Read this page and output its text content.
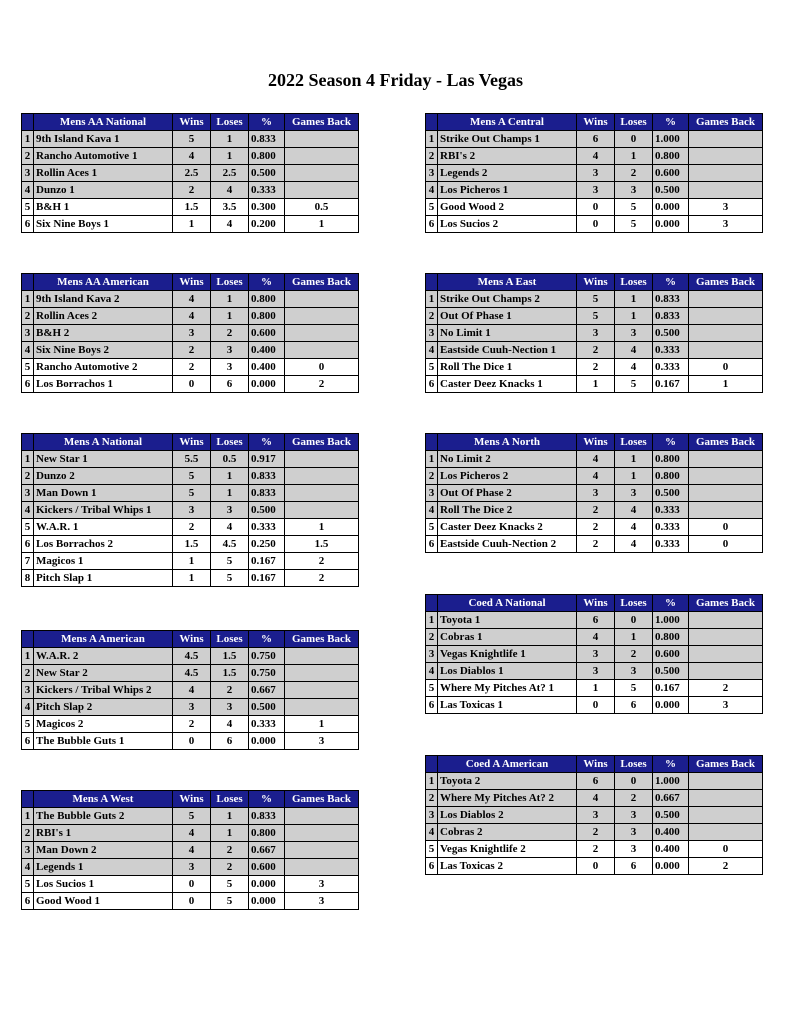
2022 Season 4 Friday - Las Vegas
	Mens AA National	Wins	Loses	%	Games Back
1	9th Island Kava 1	5	1	0.833	
2	Rancho Automotive 1	4	1	0.800	
3	Rollin Aces 1	2.5	2.5	0.500	
4	Dunzo 1	2	4	0.333	
5	B&H 1	1.5	3.5	0.300	0.5
6	Six Nine Boys 1	1	4	0.200	1
	Mens AA American	Wins	Loses	%	Games Back
1	9th Island Kava 2	4	1	0.800	
2	Rollin Aces 2	4	1	0.800	
3	B&H 2	3	2	0.600	
4	Six Nine Boys 2	2	3	0.400	
5	Rancho Automotive 2	2	3	0.400	0
6	Los Borrachos 1	0	6	0.000	2
	Mens A National	Wins	Loses	%	Games Back
1	New Star 1	5.5	0.5	0.917	
2	Dunzo 2	5	1	0.833	
3	Man Down 1	5	1	0.833	
4	Kickers / Tribal Whips 1	3	3	0.500	
5	W.A.R. 1	2	4	0.333	1
6	Los Borrachos 2	1.5	4.5	0.250	1.5
7	Magicos 1	1	5	0.167	2
8	Pitch Slap 1	1	5	0.167	2
	Mens A American	Wins	Loses	%	Games Back
1	W.A.R. 2	4.5	1.5	0.750	
2	New Star 2	4.5	1.5	0.750	
3	Kickers / Tribal Whips 2	4	2	0.667	
4	Pitch Slap 2	3	3	0.500	
5	Magicos 2	2	4	0.333	1
6	The Bubble Guts 1	0	6	0.000	3
	Mens A West	Wins	Loses	%	Games Back
1	The Bubble Guts 2	5	1	0.833	
2	RBI's 1	4	1	0.800	
3	Man Down 2	4	2	0.667	
4	Legends 1	3	2	0.600	
5	Los Sucios 1	0	5	0.000	3
6	Good Wood 1	0	5	0.000	3
	Mens A Central	Wins	Loses	%	Games Back
1	Strike Out Champs 1	6	0	1.000	
2	RBI's 2	4	1	0.800	
3	Legends 2	3	2	0.600	
4	Los Picheros 1	3	3	0.500	
5	Good Wood 2	0	5	0.000	3
6	Los Sucios 2	0	5	0.000	3
	Mens A East	Wins	Loses	%	Games Back
1	Strike Out Champs 2	5	1	0.833	
2	Out Of Phase 1	5	1	0.833	
3	No Limit 1	3	3	0.500	
4	Eastside Cuuh-Nection 1	2	4	0.333	
5	Roll The Dice 1	2	4	0.333	0
6	Caster Deez Knacks 1	1	5	0.167	1
	Mens A North	Wins	Loses	%	Games Back
1	No Limit 2	4	1	0.800	
2	Los Picheros 2	4	1	0.800	
3	Out Of Phase 2	3	3	0.500	
4	Roll The Dice 2	2	4	0.333	
5	Caster Deez Knacks 2	2	4	0.333	0
6	Eastside Cuuh-Nection 2	2	4	0.333	0
	Coed A National	Wins	Loses	%	Games Back
1	Toyota 1	6	0	1.000	
2	Cobras 1	4	1	0.800	
3	Vegas Knightlife 1	3	2	0.600	
4	Los Diablos 1	3	3	0.500	
5	Where My Pitches At? 1	1	5	0.167	2
6	Las Toxicas 1	0	6	0.000	3
	Coed A American	Wins	Loses	%	Games Back
1	Toyota 2	6	0	1.000	
2	Where My Pitches At? 2	4	2	0.667	
3	Los Diablos 2	3	3	0.500	
4	Cobras 2	2	3	0.400	
5	Vegas Knightlife 2	2	3	0.400	0
6	Las Toxicas 2	0	6	0.000	2
